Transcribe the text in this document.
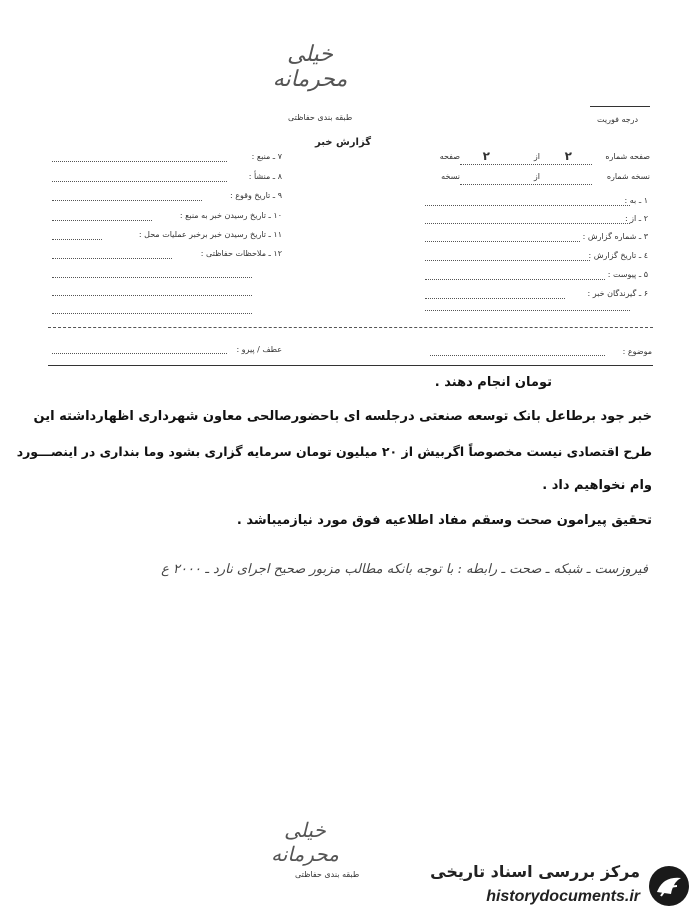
خیلی محرمانه
طبقه بندی حفاظتی	درجه فوریت
گزارش خبر
صفحه شماره
۲
از
۲
صفحه
نسخه شماره
از
نسخه
۱ ـ به :
۲ ـ از :
۳ ـ شماره گزارش :
٤ ـ تاریخ گزارش :
۵ ـ پیوست :
۶ ـ گیرندگان خبر :
۷ ـ منبع :
۸ ـ منشأ :
۹ ـ تاریخ وقوع :
۱۰ ـ تاریخ رسیدن خبر به منبع :
۱۱ ـ تاریخ رسیدن خبر برخبر عملیات محل :
۱۲ ـ ملاحظات حفاظتی :
موضوع :
عطف / پیرو :
تومان انجام دهند .
خبر جود برطاعل بانک توسعه صنعتی درجلسه ای باحضورصالحی معاون شهرداری اظهارداشته این
طرح اقتصادی نیست مخصوصاً اگربیش از ۲۰ میلیون تومان سرمایه گزاری بشود وما بنداری در اینصـــورد
وام نخواهیم داد .
تحقیق پیرامون صحت وسقم مفاد اطلاعیه فوق مورد نیازمیباشد .
فیروزست ـ شبکه ـ صحت ـ رابطه : با توجه بانکه مطالب مزبور صحیح اجرای نارد ـ ۲۰۰۰ ع
خیلی محرمانه
طبقه بندی حفاظتی	مرکز بررسی اسناد تاریخی
historydocuments.ir
